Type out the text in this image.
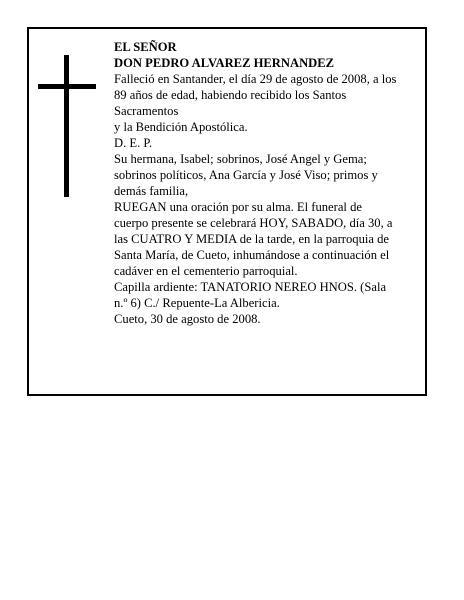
EL SEÑOR

DON PEDRO ALVAREZ HERNANDEZ

Falleció en Santander, el día 29 de agosto de 2008, a los

89 años de edad, habiendo recibido los Santos

Sacramentos

y la Bendición Apostólica.

D. E. P.

Su hermana, Isabel; sobrinos, José Angel y Gema;

sobrinos políticos, Ana García y José Viso; primos y

demás familia,

RUEGAN una oración por su alma. El funeral de

cuerpo presente se celebrará HOY, SABADO, día 30, a

las CUATRO Y MEDIA de la tarde, en la parroquia de

Santa María, de Cueto, inhumándose a continuación el

cadáver en el cementerio parroquial.

Capilla ardiente: TANATORIO NEREO HNOS. (Sala

n.º 6) C./ Repuente-La Albericia.

Cueto, 30 de agosto de 2008.
